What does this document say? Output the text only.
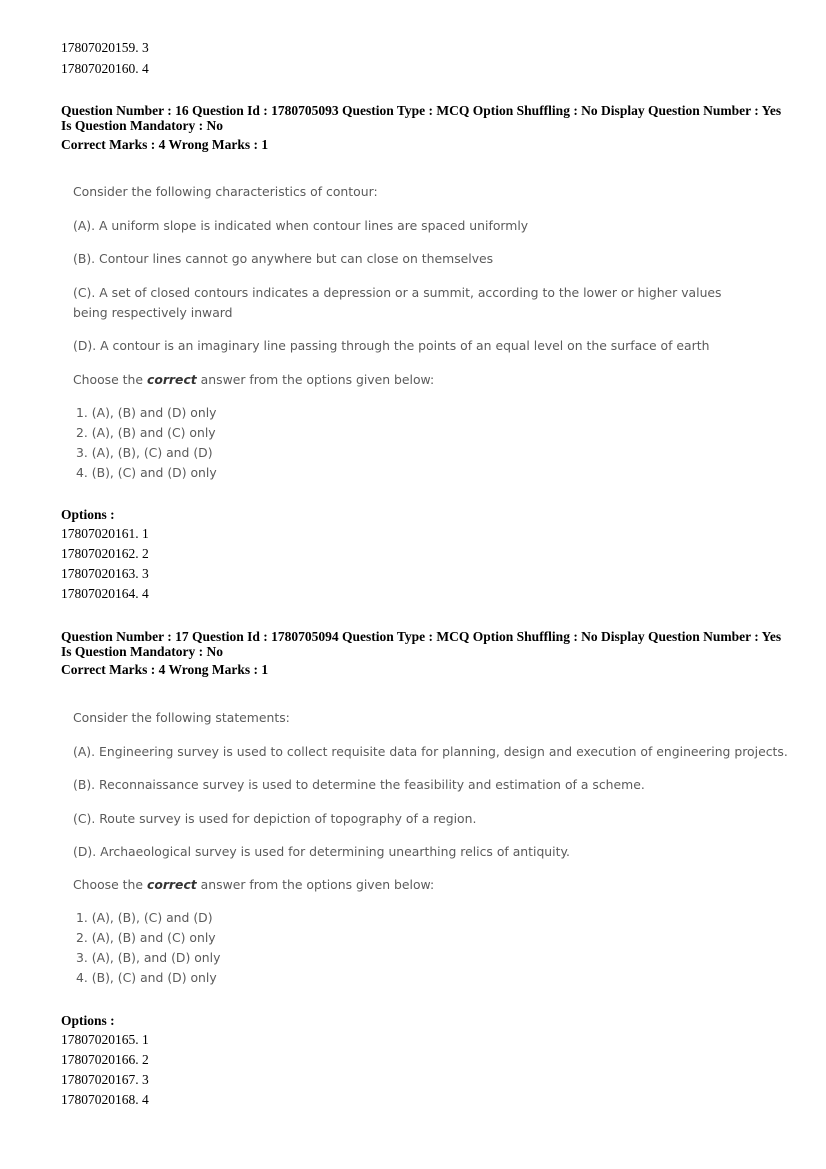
17807020159. 3
17807020160. 4
Question Number : 16 Question Id : 1780705093 Question Type : MCQ Option Shuffling : No Display Question Number : Yes
Is Question Mandatory : No
Correct Marks : 4 Wrong Marks : 1
Consider the following characteristics of contour:
(A). A uniform slope is indicated when contour lines are spaced uniformly
(B). Contour lines cannot go anywhere but can close on themselves
(C). A set of closed contours indicates a depression or a summit, according to the lower or higher values being respectively inward
(D). A contour is an imaginary line passing through the points of an equal level on the surface of earth
Choose the correct answer from the options given below:
1. (A), (B) and (D) only
2. (A), (B) and (C) only
3. (A), (B), (C) and (D)
4. (B), (C) and (D) only
Options :
17807020161. 1
17807020162. 2
17807020163. 3
17807020164. 4
Question Number : 17 Question Id : 1780705094 Question Type : MCQ Option Shuffling : No Display Question Number : Yes
Is Question Mandatory : No
Correct Marks : 4 Wrong Marks : 1
Consider the following statements:
(A). Engineering survey is used to collect requisite data for planning, design and execution of engineering projects.
(B). Reconnaissance survey is used to determine the feasibility and estimation of a scheme.
(C). Route survey is used for depiction of topography of a region.
(D). Archaeological survey is used for determining unearthing relics of antiquity.
Choose the correct answer from the options given below:
1. (A), (B), (C) and (D)
2. (A), (B) and (C) only
3. (A), (B), and (D) only
4. (B), (C) and (D) only
Options :
17807020165. 1
17807020166. 2
17807020167. 3
17807020168. 4
